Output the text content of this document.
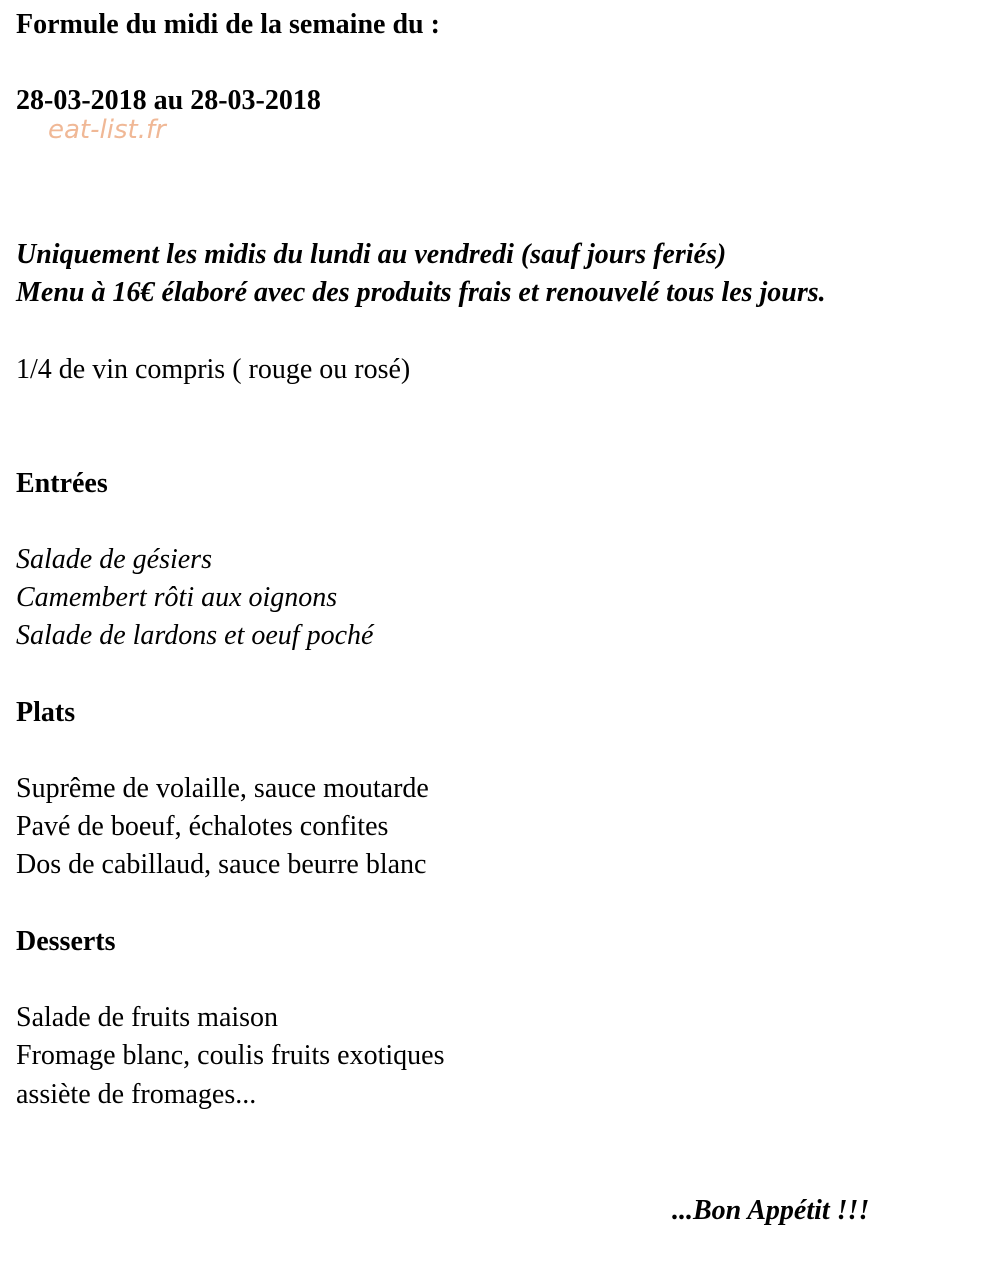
Formule du midi de la semaine du :
28-03-2018 au 28-03-2018
eat-list.fr
Uniquement les midis du lundi au vendredi (sauf jours feriés)
Menu à 16€ élaboré avec des produits frais et renouvelé tous les jours.
1/4 de vin compris ( rouge ou rosé)
Entrées
Salade de gésiers
Camembert rôti aux oignons
Salade de lardons et oeuf poché
Plats
Suprême de volaille, sauce moutarde
Pavé de boeuf, échalotes confites
Dos de cabillaud, sauce beurre blanc
Desserts
Salade de fruits maison
Fromage blanc, coulis fruits exotiques
assiète de fromages...
...Bon Appétit !!!
